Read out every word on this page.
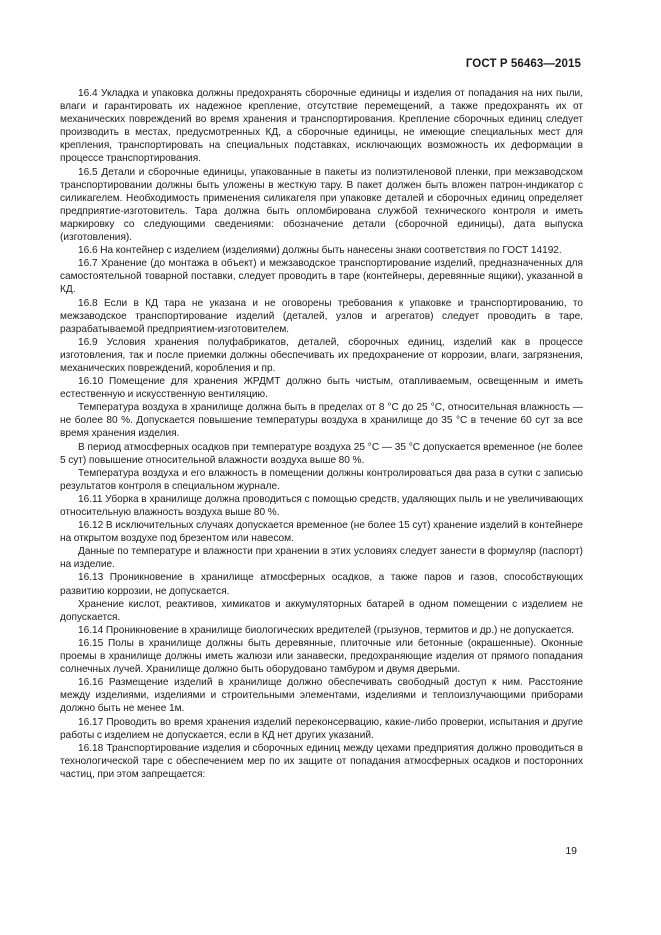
ГОСТ Р 56463—2015

16.4 Укладка и упаковка должны предохранять сборочные единицы и изделия от попадания на них пыли, влаги и гарантировать их надежное крепление, отсутствие перемещений, а также предохранять их от механических повреждений во время хранения и транспортирования. Крепление сборочных единиц следует производить в местах, предусмотренных КД, а сборочные единицы, не имеющие специальных мест для крепления, транспортировать на специальных подставках, исключающих возможность их деформации в процессе транспортирования.

16.5 Детали и сборочные единицы, упакованные в пакеты из полиэтиленовой пленки, при межзаводском транспортировании должны быть уложены в жесткую тару. В пакет должен быть вложен патрон-индикатор с силикагелем. Необходимость применения силикагеля при упаковке деталей и сборочных единиц определяет предприятие-изготовитель. Тара должна быть опломбирована службой технического контроля и иметь маркировку со следующими сведениями: обозначение детали (сборочной единицы), дата выпуска (изготовления).

16.6 На контейнер с изделием (изделиями) должны быть нанесены знаки соответствия по ГОСТ 14192.

16.7 Хранение (до монтажа в объект) и межзаводское транспортирование изделий, предназначенных для самостоятельной товарной поставки, следует проводить в таре (контейнеры, деревянные ящики), указанной в КД.

16.8 Если в КД тара не указана и не оговорены требования к упаковке и транспортированию, то межзаводское транспортирование изделий (деталей, узлов и агрегатов) следует проводить в таре, разрабатываемой предприятием-изготовителем.

16.9 Условия хранения полуфабрикатов, деталей, сборочных единиц, изделий как в процессе изготовления, так и после приемки должны обеспечивать их предохранение от коррозии, влаги, загрязнения, механических повреждений, коробления и пр.

16.10 Помещение для хранения ЖРДМТ должно быть чистым, отапливаемым, освещенным и иметь естественную и искусственную вентиляцию.

Температура воздуха в хранилище должна быть в пределах от 8 °С до 25 °С, относительная влажность — не более 80 %. Допускается повышение температуры воздуха в хранилище до 35 °С в течение 60 сут за все время хранения изделия.

В период атмосферных осадков при температуре воздуха 25 °С — 35 °С допускается временное (не более 5 сут) повышение относительной влажности воздуха выше 80 %.

Температура воздуха и его влажность в помещении должны контролироваться два раза в сутки с записью результатов контроля в специальном журнале.

16.11 Уборка в хранилище должна проводиться с помощью средств, удаляющих пыль и не увеличивающих относительную влажность воздуха выше 80 %.

16.12 В исключительных случаях допускается временное (не более 15 сут) хранение изделий в контейнере на открытом воздухе под брезентом или навесом.

Данные по температуре и влажности при хранении в этих условиях следует занести в формуляр (паспорт) на изделие.

16.13 Проникновение в хранилище атмосферных осадков, а также паров и газов, способствующих развитию коррозии, не допускается.

Хранение кислот, реактивов, химикатов и аккумуляторных батарей в одном помещении с изделием не допускается.

16.14 Проникновение в хранилище биологических вредителей (грызунов, термитов и др.) не допускается.

16.15 Полы в хранилище должны быть деревянные, плиточные или бетонные (окрашенные). Оконные проемы в хранилище должны иметь жалюзи или занавески, предохраняющие изделия от прямого попадания солнечных лучей. Хранилище должно быть оборудовано тамбуром и двумя дверьми.

16.16 Размещение изделий в хранилище должно обеспечивать свободный доступ к ним. Расстояние между изделиями, изделиями и строительными элементами, изделиями и теплоизлучающими приборами должно быть не менее 1м.

16.17 Проводить во время хранения изделий переконсервацию, какие-либо проверки, испытания и другие работы с изделием не допускается, если в КД нет других указаний.

16.18 Транспортирование изделия и сборочных единиц между цехами предприятия должно проводиться в технологической таре с обеспечением мер по их защите от попадания атмосферных осадков и посторонних частиц, при этом запрещается:

19
